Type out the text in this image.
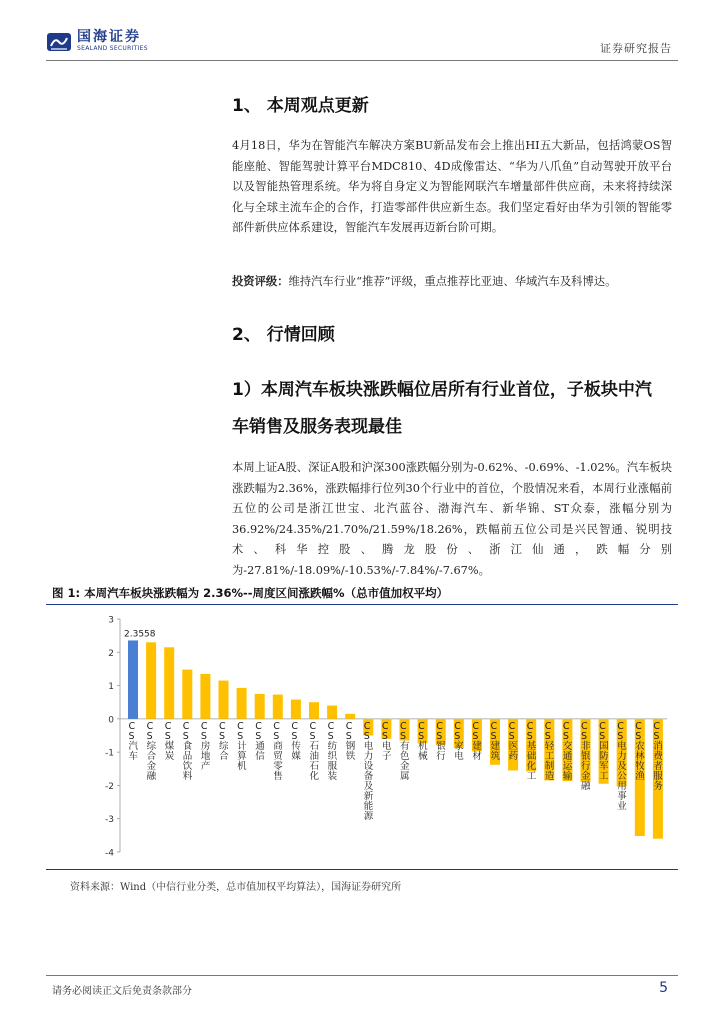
国海证券
SEALAND SECURITIES	证券研究报告
1、 本周观点更新
4月18日，华为在智能汽车解决方案BU新品发布会上推出HI五大新品，包括鸿蒙OS智能座舱、智能驾驶计算平台MDC810、4D成像雷达、“华为八爪鱼”自动驾驶开放平台以及智能热管理系统。华为将自身定义为智能网联汽车增量部件供应商，未来将持续深化与全球主流车企的合作，打造零部件供应新生态。我们坚定看好由华为引领的智能零部件新供应体系建设，智能汽车发展再迈新台阶可期。
投资评级：维持汽车行业“推荐”评级，重点推荐比亚迪、华域汽车及科博达。
2、 行情回顾
1）本周汽车板块涨跌幅位居所有行业首位，子板块中汽
车销售及服务表现最佳
本周上证A股、深证A股和沪深300涨跌幅分别为-0.62%、-0.69%、-1.02%。汽车板块涨跌幅为2.36%，涨跌幅排行位列30个行业中的首位，个股情况来看，本周行业涨幅前五位的公司是浙江世宝、北汽蓝谷、渤海汽车、新华锦、ST众泰，涨幅分别为36.92%/24.35%/21.70%/21.59%/18.26%，跌幅前五位公司是兴民智通、锐明技术、科华控股、腾龙股份、浙江仙通，跌幅分别为-27.81%/-18.09%/-10.53%/-7.84%/-7.67%。
图 1: 本周汽车板块涨跌幅为 2.36%--周度区间涨跌幅%（总市值加权平均）
3
2
1
0
-1
-2
-3
-4
2.3558
C S 汽车
C S 综合金融
C S 煤炭
C S 食品饮料
C S 房地产
C S 综合
C S 计算机
C S 通信
C S 商贸零售
C S 传媒
C S 石油石化
C S 纺织服装
C S 钢铁
C S 电力设备及新能源
C S 电子
C S 有色金属
C S 机械
C S 银行
C S 家电
C S 建材
C S 建筑
C S 医药
C S 基础化工
C S 轻工制造
C S 交通运输
C S 非银行金融
C S 国防军工
C S 电力及公用事业
C S 农林牧渔
C S 消费者服务
资料来源：Wind（中信行业分类，总市值加权平均算法），国海证券研究所
请务必阅读正文后免责条款部分	5
